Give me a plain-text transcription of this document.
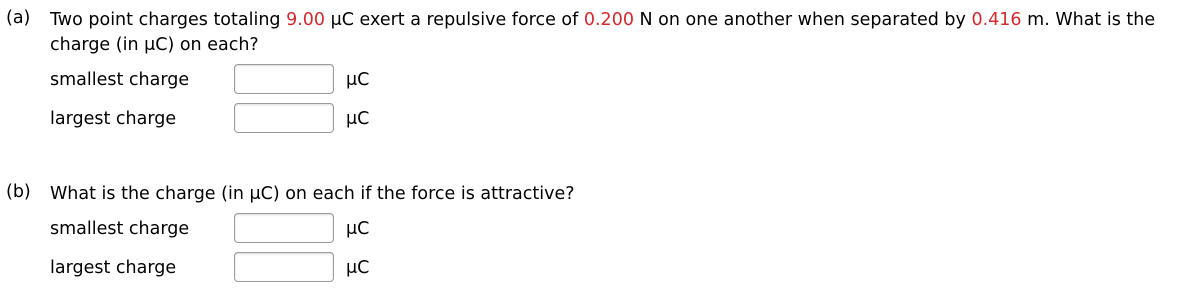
(a)	Two point charges totaling 9.00 μC exert a repulsive force of 0.200 N on one another when separated by 0.416 m. What is the charge (in μC) on each?
smallest charge	μC
largest charge	μC
(b)	What is the charge (in μC) on each if the force is attractive?
smallest charge	μC
largest charge	μC
